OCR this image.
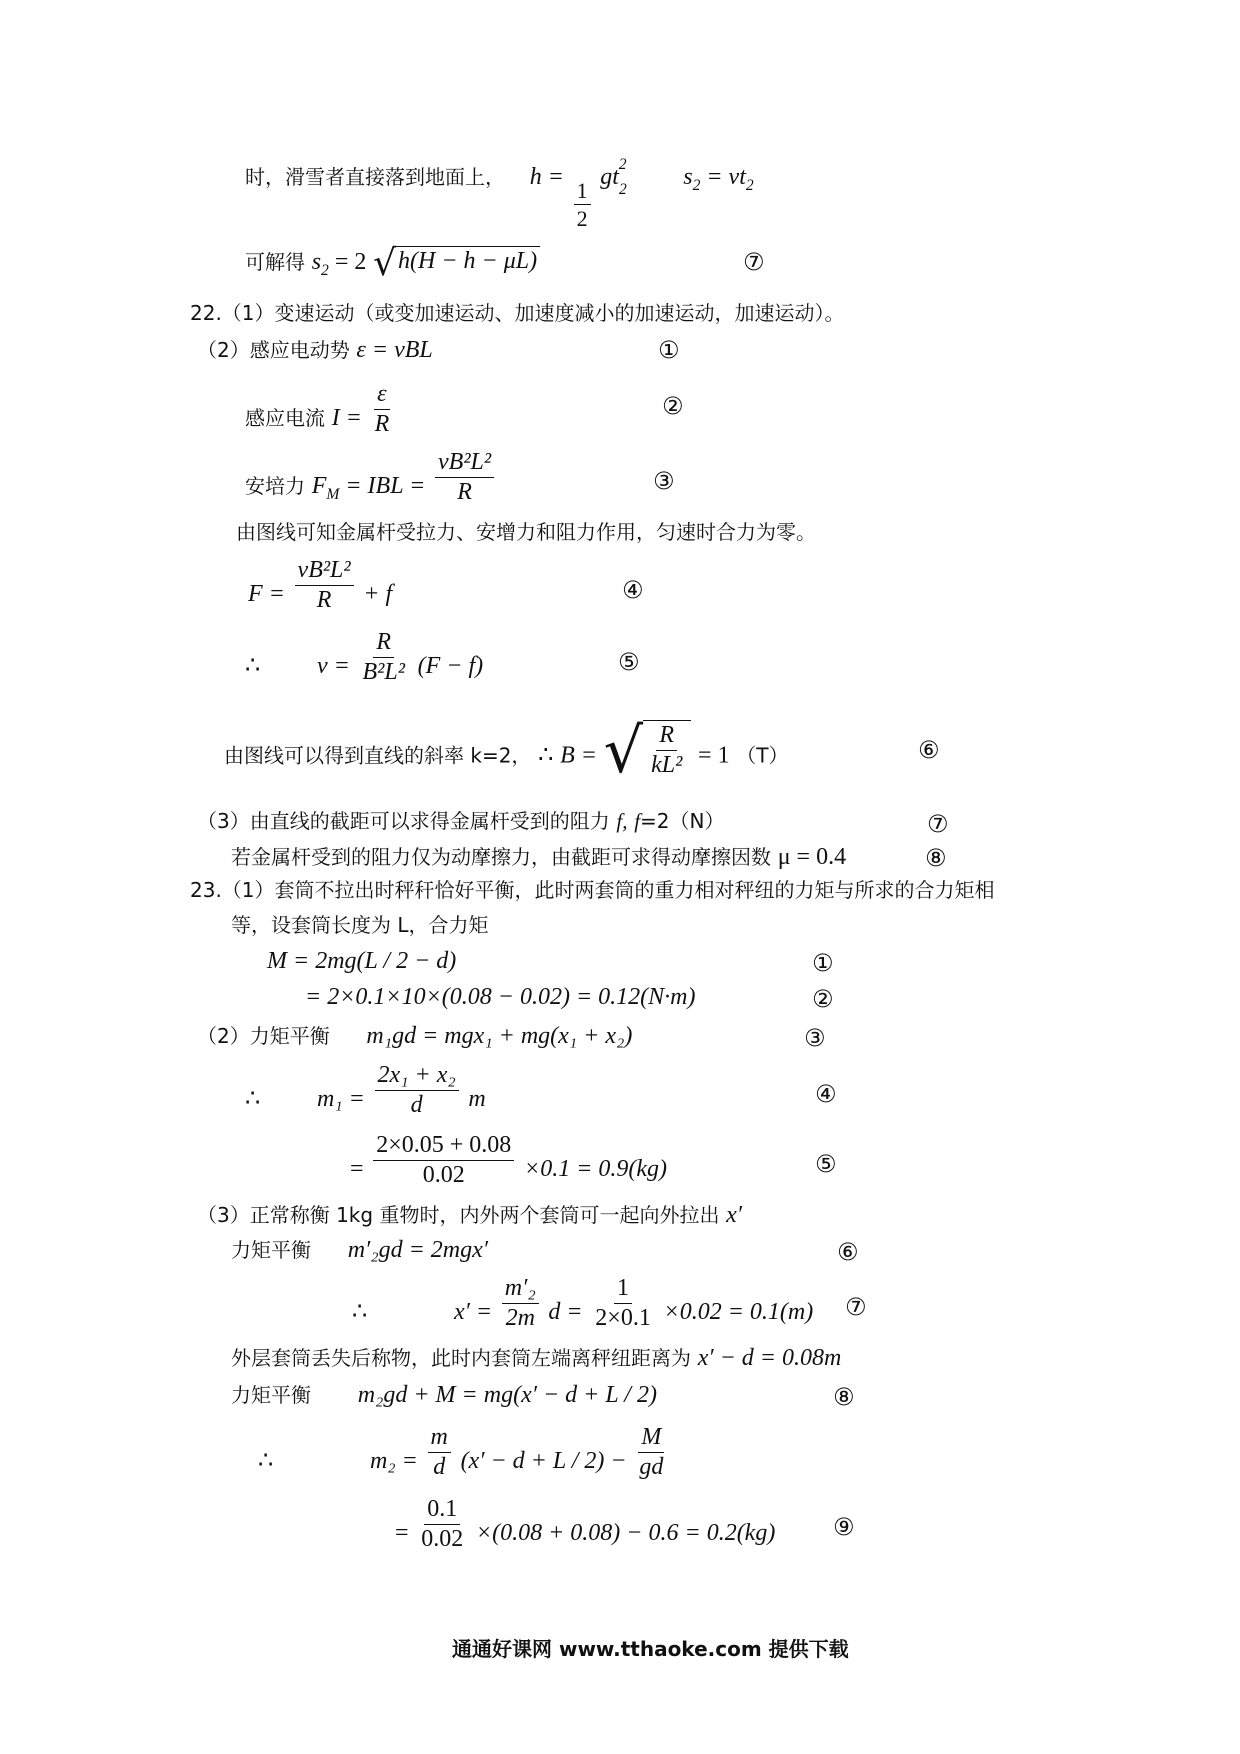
时，滑雪者直接落到地面上， h =
$\frac{1}{2}$
$gt_2^2$ $s_2 = vt_2$
可解得 $s_2 = 2$ √ h(H − h − μL)	⑦
22.（1）变速运动（或变加速运动、加速度减小的加速运动，加速运动）。
（2）感应电动势 ε = vBL	①
感应电流 $I = \frac{\varepsilon}{R}$	②
安培力 $F_M$ = IBL = $\frac{\text{vB²L²}}{R}$	③
由图线可知金属杆受拉力、安增力和阻力作用，匀速时合力为零。
$F = \frac{\text{vB²L²}}{R} + f$	④
∴ $v = \frac{R}{\text{B²L²}} (F - f)$	⑤
由图线可以得到直线的斜率 k=2， ∴ B = √ $\frac{R}{\text{kL²}} = 1$ （T）	⑥
（3）由直线的截距可以求得金属杆受到的阻力 f, f=2（N）	⑦
若金属杆受到的阻力仅为动摩擦力，由截距可求得动摩擦因数 μ = 0.4	⑧
23.（1）套筒不拉出时秤秆恰好平衡，此时两套筒的重力相对秤纽的力矩与所求的合力矩相
等，设套筒长度为 L，合力矩
M = 2mg(L / 2 − d)	①
= 2×0.1×10×(0.08 − 0.02) = 0.12(N·m)	②
（2）力矩平衡 m₁gd = mgx₁ + mg(x₁ + x₂)	③
∴ $m_1 = \frac{\text{2x₁ + x₂}}{d}$ m	④
= $\frac{2\times 0.05 + 0.08}{0.02} \times 0.1 = 0.9(kg)$	⑤
（3）正常称衡 1kg 重物时，内外两个套筒可一起向外拉出 x′
力矩平衡 m′₂gd = 2mgx′	⑥
∴	$x' = \frac{\text{m′₂}}{2m}$ $d = \frac{1}{2\times 0.1} \times 0.02 = 0.1(m)$ ⑦
外层套筒丢失后称物，此时内套筒左端离秤纽距离为 x′ − d = 0.08m
力矩平衡 m₂gd + M = mg(x′ − d + L / 2)	⑧
∴	$m_2 = \frac{m}{d} (x' - d + L / 2) - \frac{M}{gd}$
= $\frac{0.1}{0.02} \times(0.08 + 0.08) - 0.6 = 0.2(kg)$ ⑨
通通好课网 www.tthaoke.com 提供下载
